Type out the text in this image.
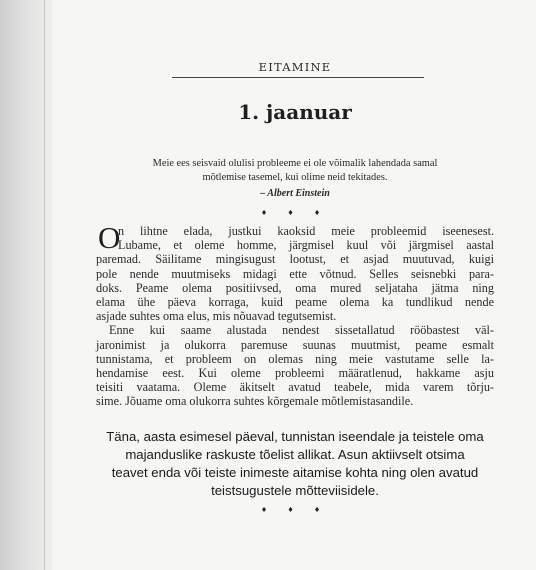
EITAMINE
1. jaanuar
Meie ees seisvaid olulisi probleeme ei ole võimalik lahendada samal
mõtlemise tasemel, kui olime neid tekitades.
– Albert Einstein
♦ ♦ ♦
O
n lihtne elada, justkui kaoksid meie probleemid iseenesest.
Lubame, et oleme homme, järgmisel kuul või järgmisel aastal
paremad. Säilitame mingisugust lootust, et asjad muutuvad, kuigi
pole nende muutmiseks midagi ette võtnud. Selles seisnebki para-
doks. Peame olema positiivsed, oma mured seljataha jätma ning
elama ühe päeva korraga, kuid peame olema ka tundlikud nende
asjade suhtes oma elus, mis nõuavad tegutsemist.
Enne kui saame alustada nendest sissetallatud rööbastest väl-
jaronimist ja olukorra paremuse suunas muutmist, peame esmalt
tunnistama, et probleem on olemas ning meie vastutame selle la-
hendamise eest. Kui oleme probleemi määratlenud, hakkame asju
teisiti vaatama. Oleme äkitselt avatud teabele, mida varem tõrju-
sime. Jõuame oma olukorra suhtes kõrgemale mõtlemistasandile.
Täna, aasta esimesel päeval, tunnistan iseendale ja teistele oma
majanduslike raskuste tõelist allikat. Asun aktiivselt otsima
teavet enda või teiste inimeste aitamise kohta ning olen avatud
teistsugustele mõtteviisidele.
♦ ♦ ♦
